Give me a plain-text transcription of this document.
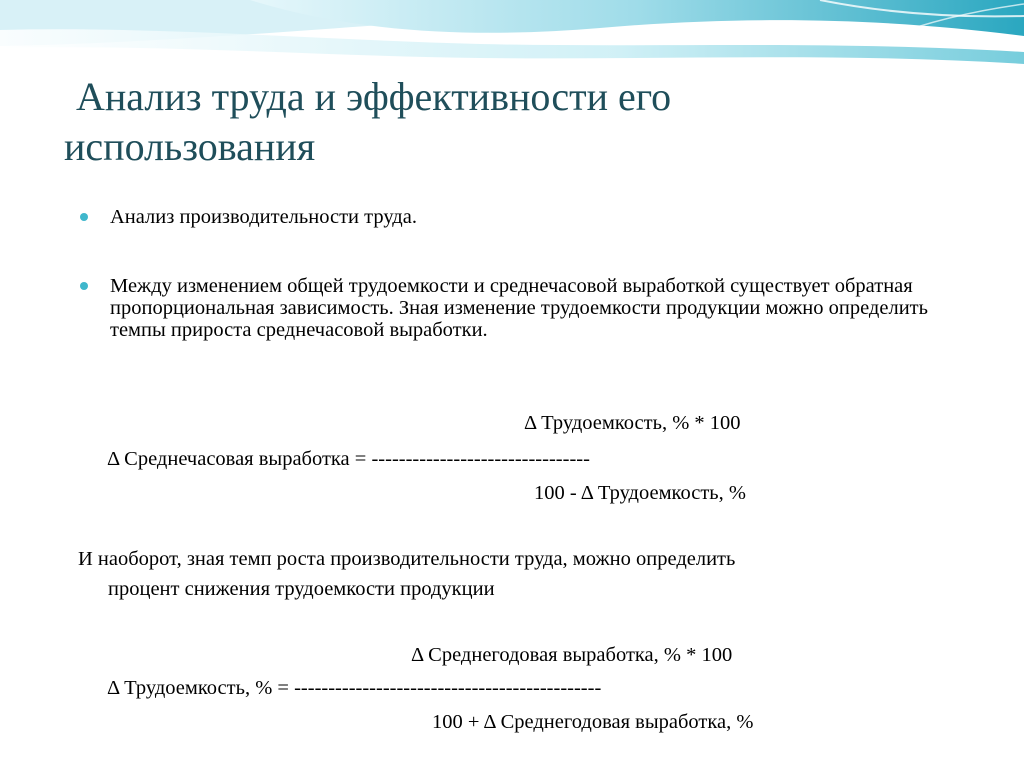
Анализ труда и эффективности его
использования
Анализ производительности труда.
Между изменением общей трудоемкости и среднечасовой выработкой существует обратная пропорциональная зависимость. Зная изменение трудоемкости продукции можно определить темпы прироста среднечасовой выработки.
Δ Трудоемкость, % * 100
Δ Среднечасовая выработка = --------------------------------
100 - Δ Трудоемкость, %
И наоборот, зная темп роста производительности труда, можно определить
процент снижения трудоемкости продукции
Δ Среднегодовая выработка, % * 100
Δ Трудоемкость, % = ---------------------------------------------
100 + Δ Среднегодовая выработка, %
